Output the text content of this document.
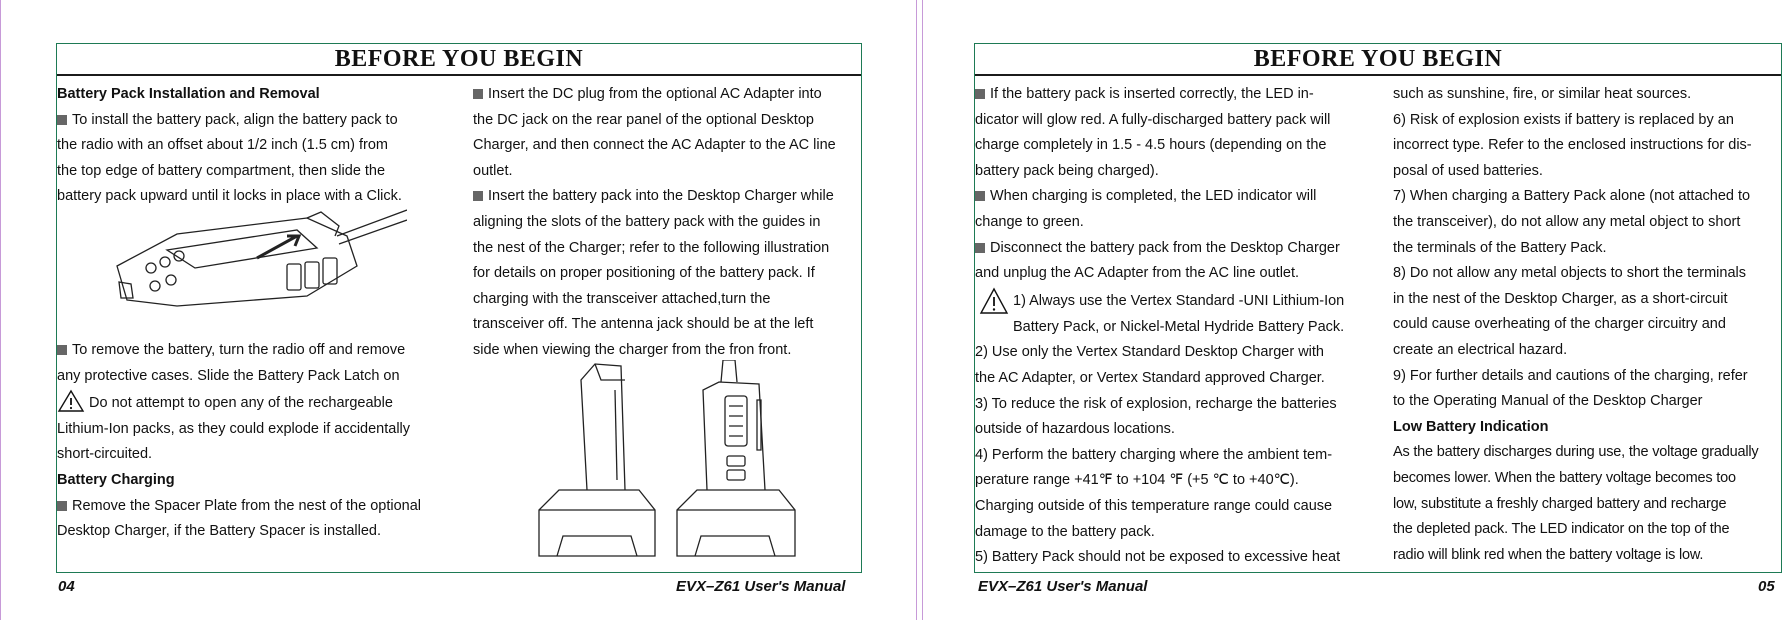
BEFORE YOU BEGIN

Battery Pack Installation and Removal

To install the battery pack, align the battery pack to
the radio with an offset about 1/2 inch (1.5 cm) from
the top edge of battery compartment, then slide the
battery pack upward until it locks in place with a Click.

To remove the battery, turn the radio off and remove
any protective cases. Slide the Battery Pack Latch on
Do not attempt to open any of the rechargeable
Lithium-Ion packs, as they could explode if accidentally
short-circuited.
Battery Charging
Remove the Spacer Plate from the nest of the optional
Desktop Charger, if the Battery Spacer is installed.

Insert the DC plug from the optional AC Adapter into
the DC jack on the rear panel of the optional Desktop
Charger, and then connect the AC Adapter to the AC line
outlet.

Insert the battery pack into the Desktop Charger while
aligning the slots of the battery pack with the guides in
the nest of the Charger; refer to the following illustration
for details on proper positioning of the battery pack. If
charging with the transceiver attached,turn the
transceiver off. The antenna jack should be at the left
side when viewing the charger from the fron front.

04	EVX–Z61 User's Manual
BEFORE YOU BEGIN

If the battery pack is inserted correctly, the LED in-
dicator will glow red. A fully-discharged battery pack will
charge completely in 1.5 - 4.5 hours (depending on the
battery pack being charged).

When charging is completed, the LED indicator will
change to green.

Disconnect the battery pack from the Desktop Charger
and unplug the AC Adapter from the AC line outlet.

1) Always use the Vertex Standard -UNI Lithium-Ion
Battery Pack, or Nickel-Metal Hydride Battery Pack.
2) Use only the Vertex Standard Desktop Charger with
the AC Adapter, or Vertex Standard approved Charger.
3) To reduce the risk of explosion, recharge the batteries
outside of hazardous locations.
4) Perform the battery charging where the ambient tem-
perature range +41℉ to +104 ℉ (+5 ℃ to +40℃).
Charging outside of this temperature range could cause
damage to the battery pack.
5) Battery Pack should not be exposed to excessive heat

such as sunshine, fire, or similar heat sources.
6) Risk of explosion exists if battery is replaced by an
incorrect type. Refer to the enclosed instructions for dis-
posal of used batteries.
7) When charging a Battery Pack alone (not attached to
the transceiver), do not allow any metal object to short
the terminals of the Battery Pack.
8) Do not allow any metal objects to short the terminals
in the nest of the Desktop Charger, as a short-circuit
could cause overheating of the charger circuitry and
create an electrical hazard.
9) For further details and cautions of the charging, refer
to the Operating Manual of the Desktop Charger

Low Battery Indication

As the battery discharges during use, the voltage gradually
becomes lower. When the battery voltage becomes too
low, substitute a freshly charged battery and recharge
the depleted pack. The LED indicator on the top of the
radio will blink red when the battery voltage is low.

EVX–Z61 User's Manual	05
